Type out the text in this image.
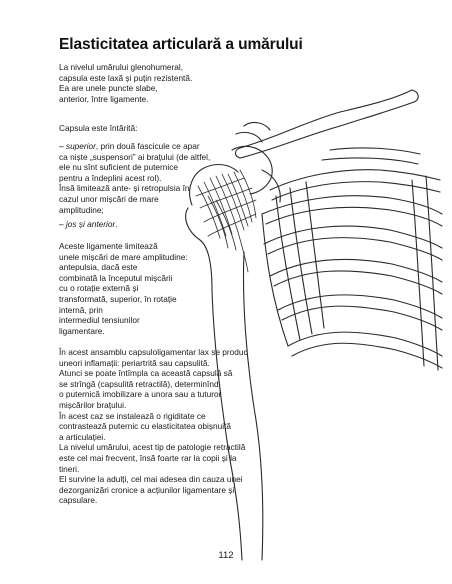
Elasticitatea articulară a umărului

La nivelul umărului glenohumeral,
capsula este laxă și puțin rezistentă.
Ea are unele puncte slabe,
anterior, între ligamente.

Capsula este întărită:

– superior, prin două fascicule ce apar
ca niște „suspensori” ai brațului (de altfel,
ele nu sînt suficient de puternice
pentru a îndeplini acest rol).
Însă limitează ante- și retropulsia în
cazul unor mișcări de mare
amplitudine;

– jos și anterior.

Aceste ligamente limitează
unele mișcări de mare amplitudine:
antepulsia, dacă este
combinată la începutul mișcării
cu o rotație externă și
transformată, superior, în rotație
internă, prin
intermediul tensiunilor
ligamentare.

În acest ansamblu capsuloligamentar lax se produc
uneori inflamații: periartrită sau capsulită.
Atunci se poate întîmpla ca această capsulă să
se strîngă (capsulită retractilă), determinînd
o puternică imobilizare a unora sau a tuturor
mișcărilor brațului.
În acest caz se instalează o rigiditate ce
contrastează puternic cu elasticitatea obișnuită
a articulației.
La nivelul umărului, acest tip de patologie retractilă
este cel mai frecvent, însă foarte rar la copii și la
tineri.
El survine la adulți, cel mai adesea din cauza unei
dezorganizări cronice a acțiunilor ligamentare și
capsulare.

112
